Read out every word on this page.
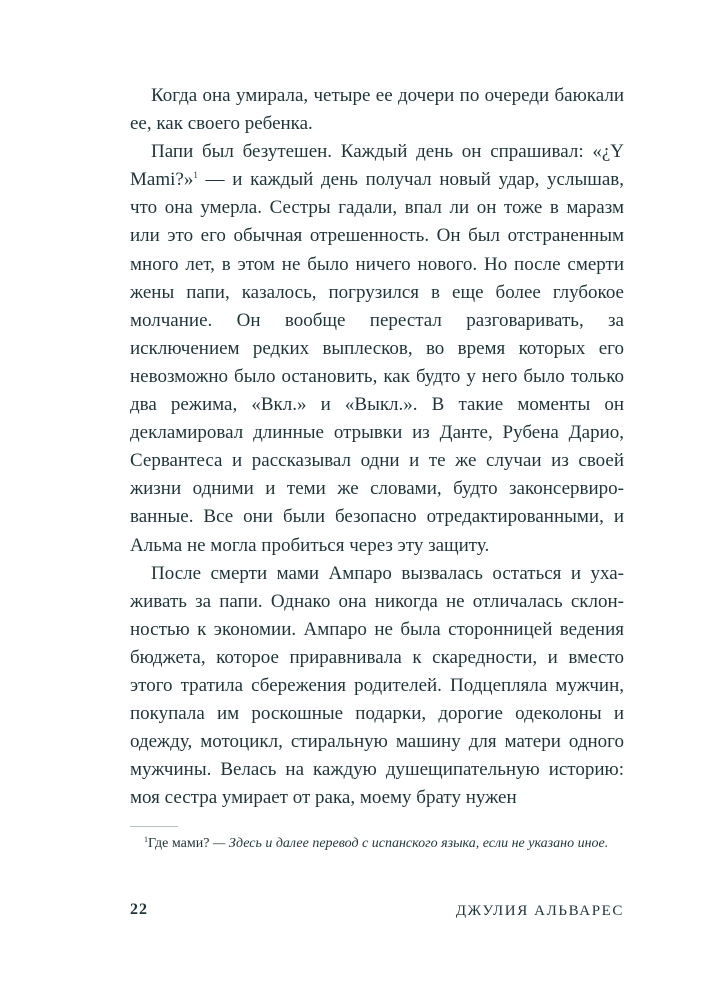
Когда она умирала, четыре ее дочери по очереди баюкали ее, как своего ребенка.

Папи был безутешен. Каждый день он спрашивал: «¿Y Mami?»$^1$ — и каждый день получал новый удар, услышав, что она умерла. Сестры гадали, впал ли он тоже в маразм или это его обычная отрешенность. Он был отстраненным много лет, в этом не было ничего нового. Но после смерти жены папи, казалось, погрузился в еще более глубокое молчание. Он вообще перестал разговаривать, за исключением редких выплесков, во время которых его невозможно было остановить, как будто у него было только два режима, «Вкл.» и «Выкл.». В такие моменты он декламировал длинные отрывки из Данте, Рубена Дарио, Сервантеса и рассказывал одни и те же случаи из своей жизни одними и теми же словами, будто законсервированные. Все они были безопасно отредактированными, и Альма не могла пробиться через эту защиту.

После смерти мами Ампаро вызвалась остаться и ухаживать за папи. Однако она никогда не отличалась склонностью к экономии. Ампаро не была сторонницей ведения бюджета, которое приравнивала к скаредности, и вместо этого тратила сбережения родителей. Подцепляла мужчин, покупала им роскошные подарки, дорогие одеколоны и одежду, мотоцикл, стиральную машину для матери одного мужчины. Велась на каждую душещипательную историю: моя сестра умирает от рака, моему брату нужен

$^1$Где мами? — Здесь и далее перевод с испанского языка, если не указано иное.
22	ДЖУЛИЯ АЛЬВАРЕС
